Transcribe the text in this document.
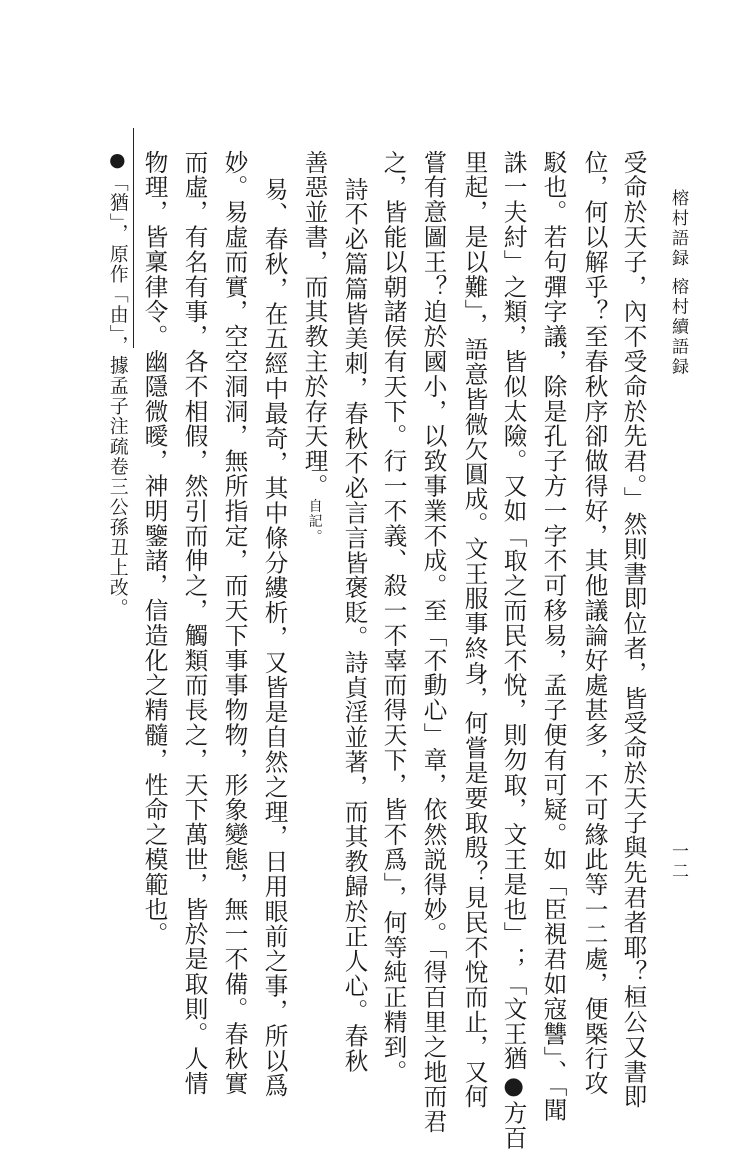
榕村語録 榕村續語録
一二
受命於天子，內不受命於先君。」然則書即位者，皆受命於天子與先君者耶？桓公又書即
位，何以解乎？至春秋序卻做得好，其他議論好處甚多，不可緣此等一二處，便槩行攻
駁也。若句彈字議，除是孔子方一字不可移易，孟子便有可疑。如「臣視君如寇讐」、「聞
誅一夫紂」之類，皆似太險。又如「取之而民不悅，則勿取，文王是也」；「文王猶●方百
里起，是以難」，語意皆微欠圓成。文王服事終身，何嘗是要取殷？見民不悅而止，又何
嘗有意圖王？迫於國小，以致事業不成。至「不動心」章，依然説得妙。「得百里之地而君
之，皆能以朝諸侯有天下。行一不義、殺一不辜而得天下，皆不爲」，何等純正精到。
詩不必篇篇皆美刺，春秋不必言言皆褒貶。詩貞淫並著，而其教歸於正人心。春秋
善惡並書，而其教主於存天理。自記。
易、春秋，在五經中最奇，其中條分縷析，又皆是自然之理，日用眼前之事，所以爲
妙。易虛而實，空空洞洞，無所指定，而天下事事物物，形象變態，無一不備。春秋實
而虛，有名有事，各不相假，然引而伸之，觸類而長之，天下萬世，皆於是取則。人情
物理，皆稟律令。幽隱微曖，神明鑒諸，信造化之精髓，性命之模範也。
●「猶」，原作「由」，據孟子注疏卷三公孫丑上改。
